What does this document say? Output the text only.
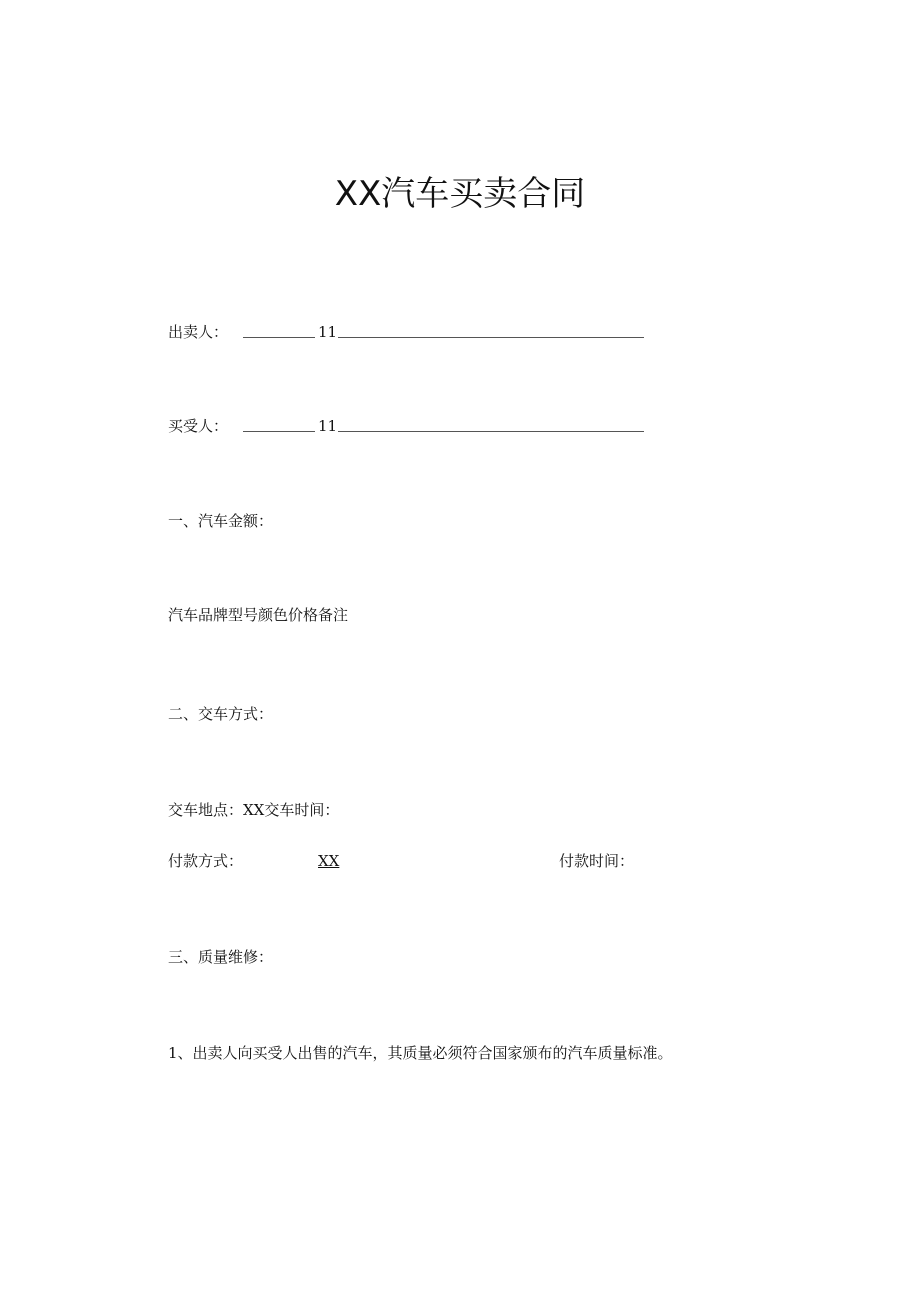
XX汽车买卖合同
出卖人：	11
买受人：	11
一、汽车金额：
汽车品牌型号颜色价格备注
二、交车方式：
交车地点：XX交车时间：
付款方式：	XX	付款时间：
三、质量维修：
1、出卖人向买受人出售的汽车，其质量必须符合国家颁布的汽车质量标准。
